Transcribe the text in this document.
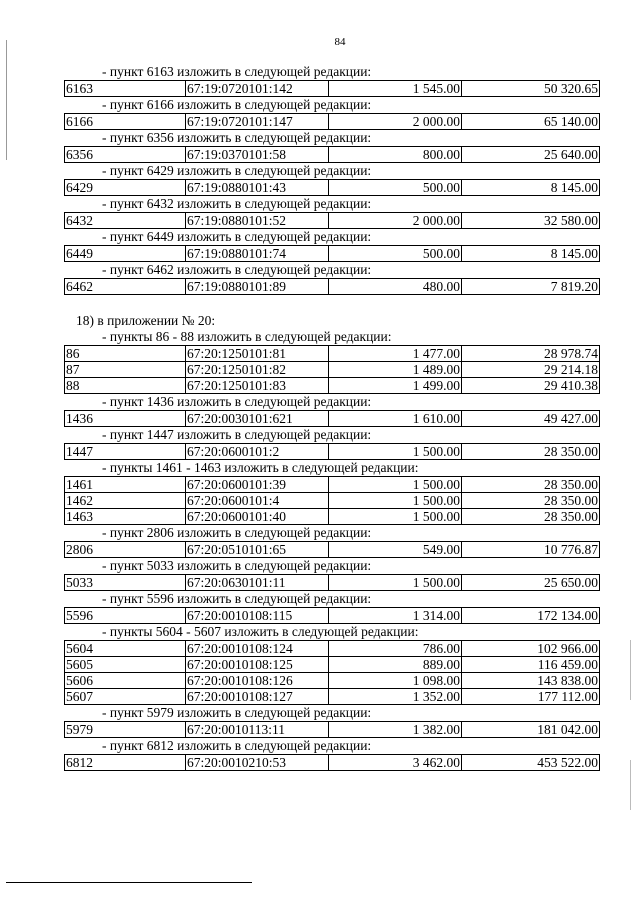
84
- пункт 6163 изложить в следующей редакции:
6163	67:19:0720101:142	1 545.00	50 320.65
- пункт 6166 изложить в следующей редакции:
6166	67:19:0720101:147	2 000.00	65 140.00
- пункт 6356 изложить в следующей редакции:
6356	67:19:0370101:58	800.00	25 640.00
- пункт 6429 изложить в следующей редакции:
6429	67:19:0880101:43	500.00	8 145.00
- пункт 6432 изложить в следующей редакции:
6432	67:19:0880101:52	2 000.00	32 580.00
- пункт 6449 изложить в следующей редакции:
6449	67:19:0880101:74	500.00	8 145.00
- пункт 6462 изложить в следующей редакции:
6462	67:19:0880101:89	480.00	7 819.20
18) в приложении № 20:
- пункты 86 - 88 изложить в следующей редакции:
86	67:20:1250101:81	1 477.00	28 978.74
87	67:20:1250101:82	1 489.00	29 214.18
88	67:20:1250101:83	1 499.00	29 410.38
- пункт 1436 изложить в следующей редакции:
1436	67:20:0030101:621	1 610.00	49 427.00
- пункт 1447 изложить в следующей редакции:
1447	67:20:0600101:2	1 500.00	28 350.00
- пункты 1461 - 1463 изложить в следующей редакции:
1461	67:20:0600101:39	1 500.00	28 350.00
1462	67:20:0600101:4	1 500.00	28 350.00
1463	67:20:0600101:40	1 500.00	28 350.00
- пункт 2806 изложить в следующей редакции:
2806	67:20:0510101:65	549.00	10 776.87
- пункт 5033 изложить в следующей редакции:
5033	67:20:0630101:11	1 500.00	25 650.00
- пункт 5596 изложить в следующей редакции:
5596	67:20:0010108:115	1 314.00	172 134.00
- пункты 5604 - 5607 изложить в следующей редакции:
5604	67:20:0010108:124	786.00	102 966.00
5605	67:20:0010108:125	889.00	116 459.00
5606	67:20:0010108:126	1 098.00	143 838.00
5607	67:20:0010108:127	1 352.00	177 112.00
- пункт 5979 изложить в следующей редакции:
5979	67:20:0010113:11	1 382.00	181 042.00
- пункт 6812 изложить в следующей редакции:
6812	67:20:0010210:53	3 462.00	453 522.00
